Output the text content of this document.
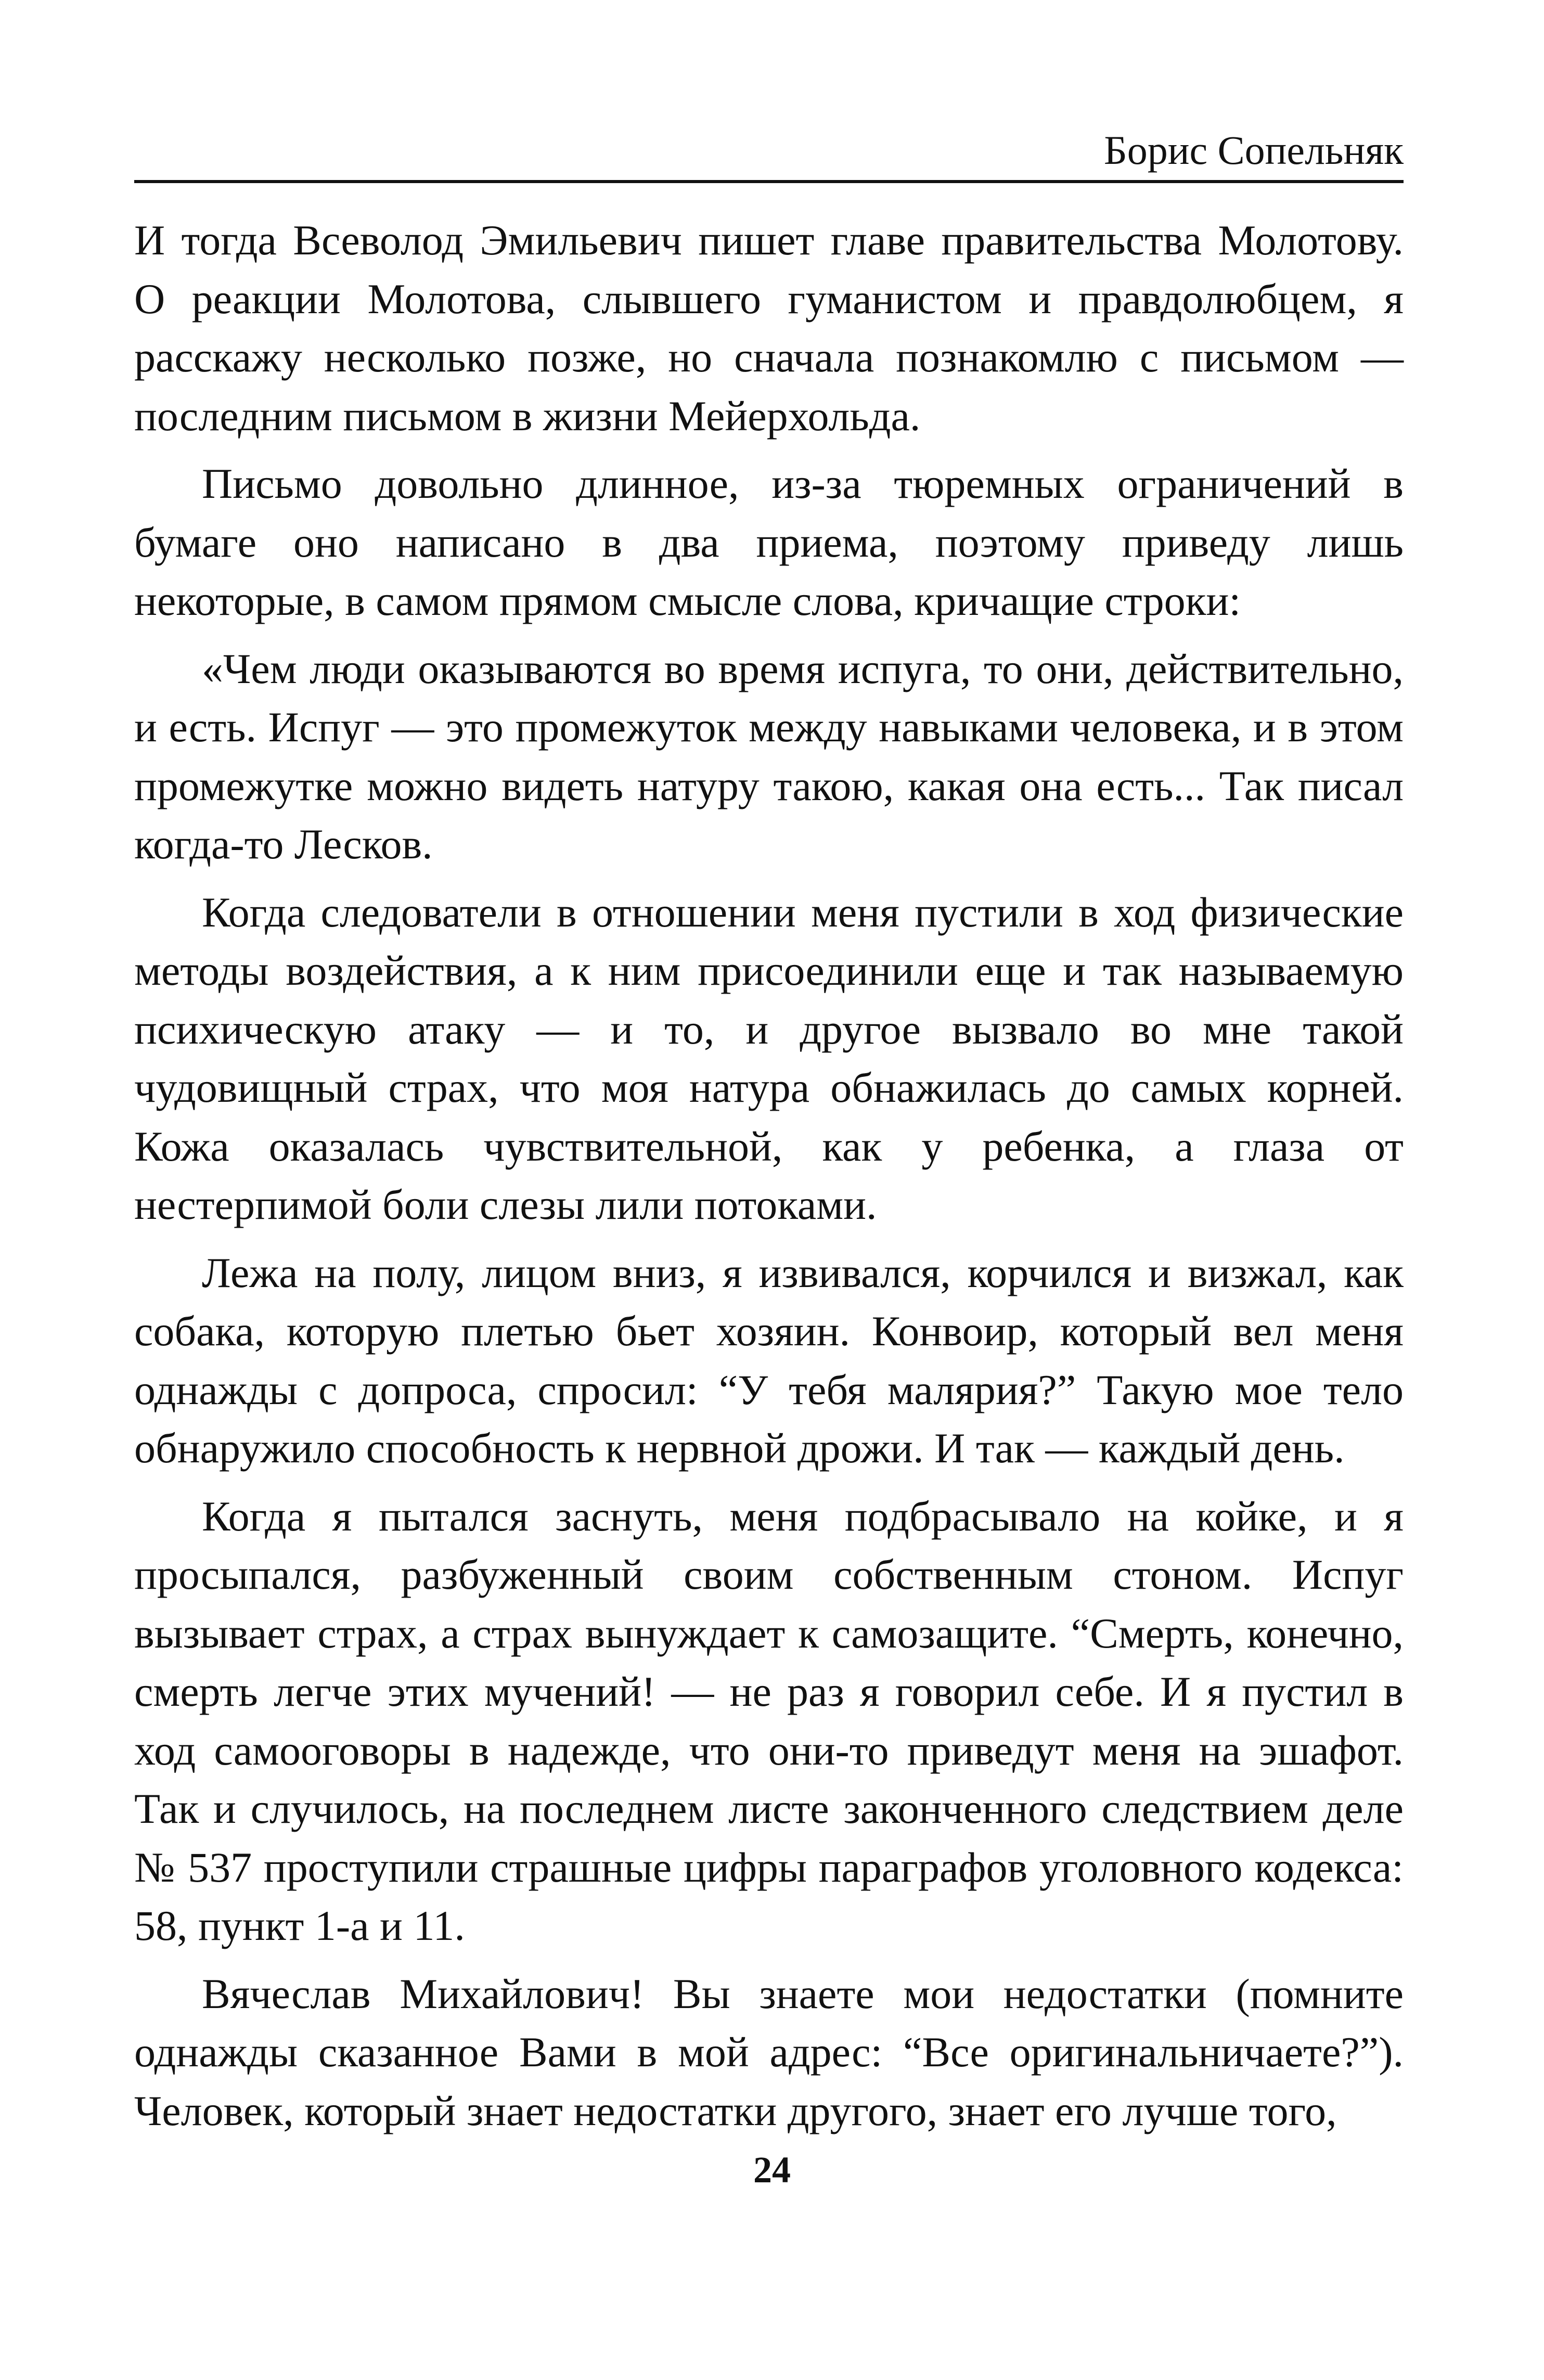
Борис Сопельняк

И тогда Всеволод Эмильевич пишет главе правительства Молотову. О реакции Молотова, слывшего гуманистом и правдолюбцем, я расскажу несколько позже, но сначала познакомлю с письмом — последним письмом в жизни Мейерхольда.

Письмо довольно длинное, из-за тюремных ограничений в бумаге оно написано в два приема, поэтому приведу лишь некоторые, в самом прямом смысле слова, кричащие строки:

«Чем люди оказываются во время испуга, то они, действительно, и есть. Испуг — это промежуток между навыками человека, и в этом промежутке можно видеть натуру такою, какая она есть... Так писал когда-то Лесков.

Когда следователи в отношении меня пустили в ход физические методы воздействия, а к ним присоединили еще и так называемую психическую атаку — и то, и другое вызвало во мне такой чудовищный страх, что моя натура обнажилась до самых корней. Кожа оказалась чувствительной, как у ребенка, а глаза от нестерпимой боли слезы лили потоками.

Лежа на полу, лицом вниз, я извивался, корчился и визжал, как собака, которую плетью бьет хозяин. Конвоир, который вел меня однажды с допроса, спросил: “У тебя малярия?” Такую мое тело обнаружило способность к нервной дрожи. И так — каждый день.

Когда я пытался заснуть, меня подбрасывало на койке, и я просыпался, разбуженный своим собственным стоном. Испуг вызывает страх, а страх вынуждает к самозащите. “Смерть, конечно, смерть легче этих мучений! — не раз я говорил себе. И я пустил в ход самооговоры в надежде, что они-то приведут меня на эшафот. Так и случилось, на последнем листе законченного следствием деле № 537 проступили страшные цифры параграфов уголовного кодекса: 58, пункт 1-а и 11.

Вячеслав Михайлович! Вы знаете мои недостатки (помните однажды сказанное Вами в мой адрес: “Все оригинальничаете?”). Человек, который знает недостатки другого, знает его лучше того,

24
